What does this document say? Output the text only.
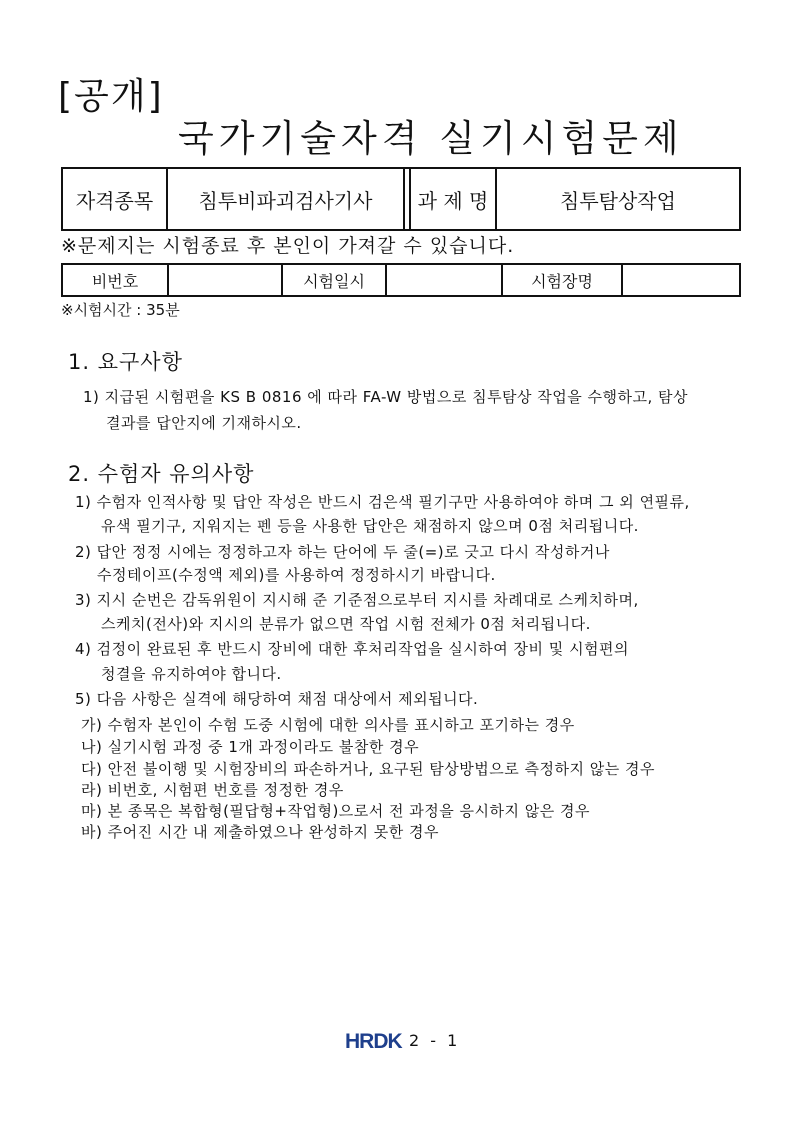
[공개]
국가기술자격 실기시험문제
자격종목	침투비파괴검사기사		과 제 명	침투탐상작업
※문제지는 시험종료 후 본인이 가져갈 수 있습니다.
비번호		시험일시		시험장명	
※시험시간 : 35분
1. 요구사항
1) 지급된 시험편을 KS B 0816 에 따라 FA-W 방법으로 침투탐상 작업을 수행하고, 탐상
결과를 답안지에 기재하시오.
2. 수험자 유의사항
1) 수험자 인적사항 및 답안 작성은 반드시 검은색 필기구만 사용하여야 하며 그 외 연필류,
유색 필기구, 지워지는 펜 등을 사용한 답안은 채점하지 않으며 0점 처리됩니다.
2) 답안 정정 시에는 정정하고자 하는 단어에 두 줄(=)로 긋고 다시 작성하거나
수정테이프(수정액 제외)를 사용하여 정정하시기 바랍니다.
3) 지시 순번은 감독위원이 지시해 준 기준점으로부터 지시를 차례대로 스케치하며,
스케치(전사)와 지시의 분류가 없으면 작업 시험 전체가 0점 처리됩니다.
4) 검정이 완료된 후 반드시 장비에 대한 후처리작업을 실시하여 장비 및 시험편의
청결을 유지하여야 합니다.
5) 다음 사항은 실격에 해당하여 채점 대상에서 제외됩니다.
가) 수험자 본인이 수험 도중 시험에 대한 의사를 표시하고 포기하는 경우
나) 실기시험 과정 중 1개 과정이라도 불참한 경우
다) 안전 불이행 및 시험장비의 파손하거나, 요구된 탐상방법으로 측정하지 않는 경우
라) 비번호, 시험편 번호를 정정한 경우
마) 본 종목은 복합형(필답형+작업형)으로서 전 과정을 응시하지 않은 경우
바) 주어진 시간 내 제출하였으나 완성하지 못한 경우
HRDK 2 - 1
